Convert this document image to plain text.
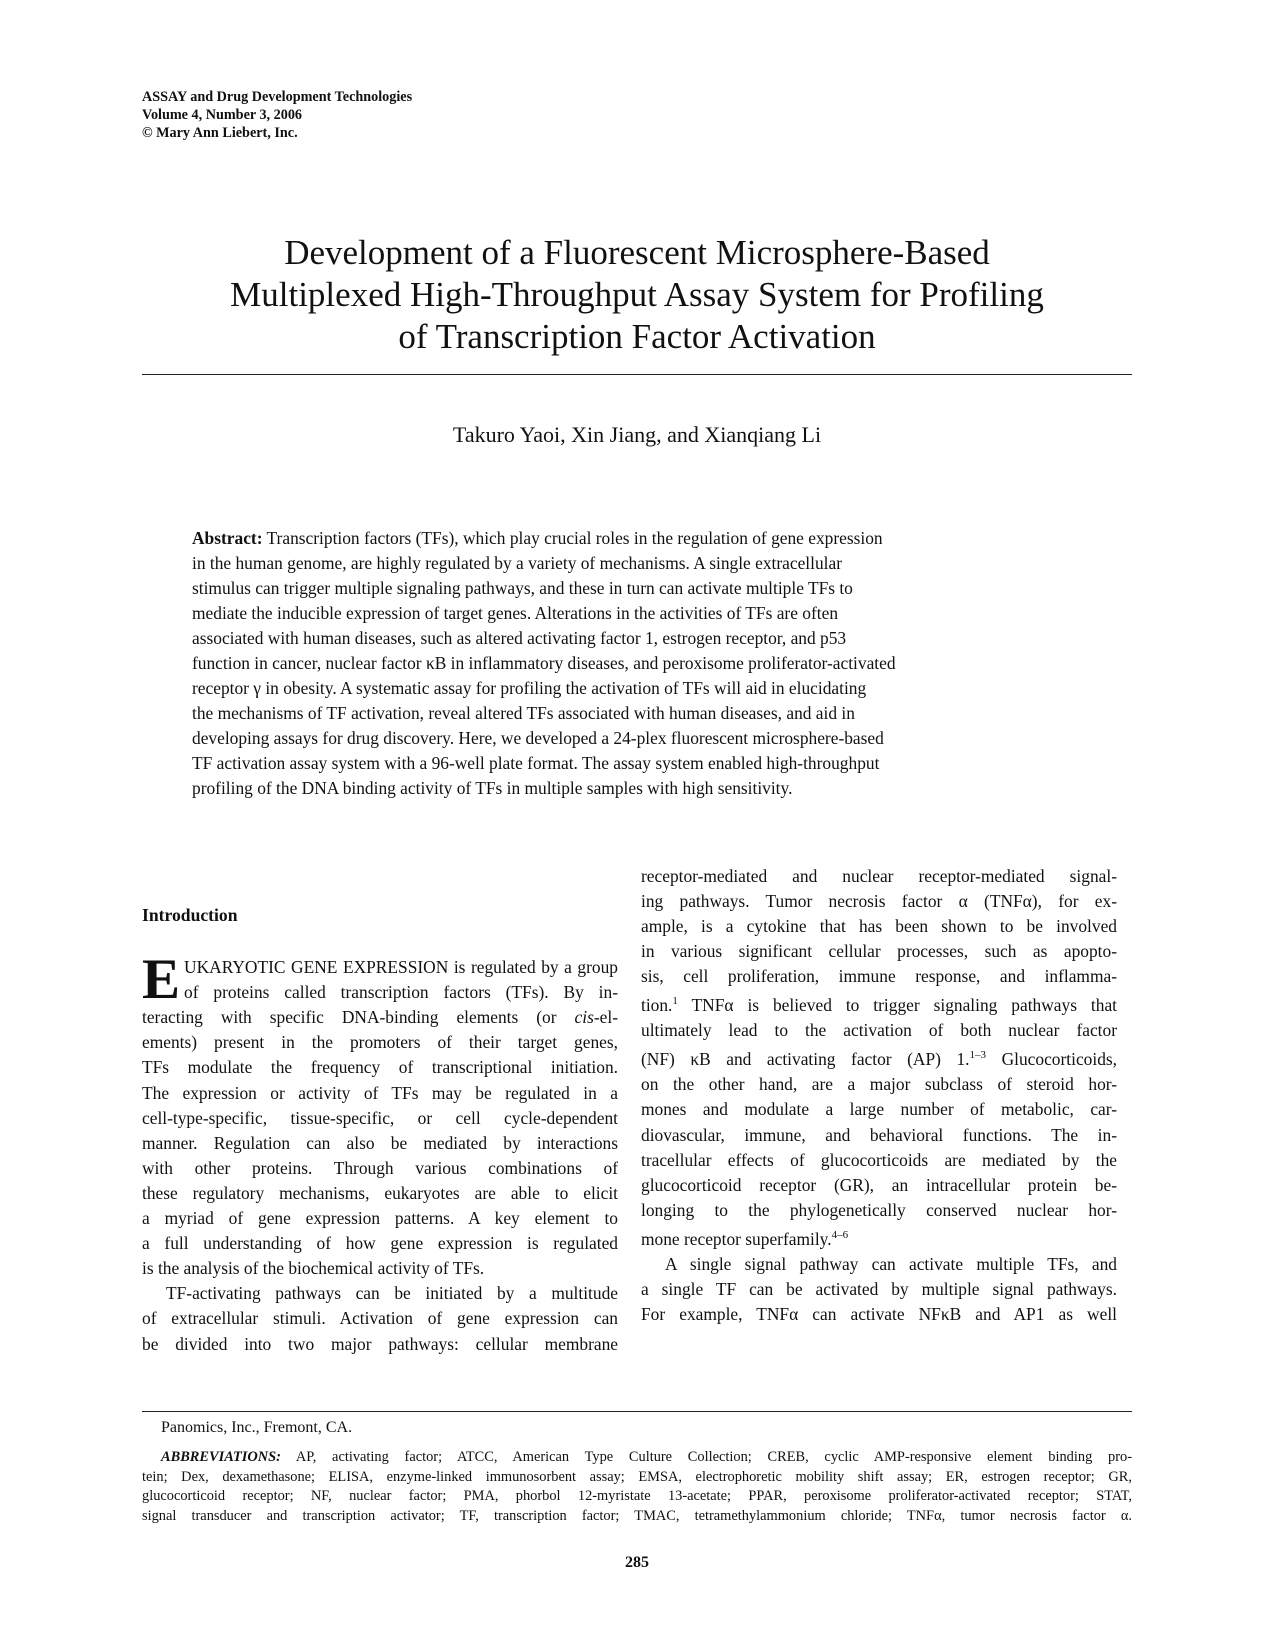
ASSAY and Drug Development Technologies
Volume 4, Number 3, 2006
© Mary Ann Liebert, Inc.
Development of a Fluorescent Microsphere-Based
Multiplexed High-Throughput Assay System for Profiling
of Transcription Factor Activation
Takuro Yaoi, Xin Jiang, and Xianqiang Li
Abstract: Transcription factors (TFs), which play crucial roles in the regulation of gene expression
in the human genome, are highly regulated by a variety of mechanisms. A single extracellular
stimulus can trigger multiple signaling pathways, and these in turn can activate multiple TFs to
mediate the inducible expression of target genes. Alterations in the activities of TFs are often
associated with human diseases, such as altered activating factor 1, estrogen receptor, and p53
function in cancer, nuclear factor κB in inflammatory diseases, and peroxisome proliferator-activated
receptor γ in obesity. A systematic assay for profiling the activation of TFs will aid in elucidating
the mechanisms of TF activation, reveal altered TFs associated with human diseases, and aid in
developing assays for drug discovery. Here, we developed a 24-plex fluorescent microsphere-based
TF activation assay system with a 96-well plate format. The assay system enabled high-throughput
profiling of the DNA binding activity of TFs in multiple samples with high sensitivity.
Introduction
E UKARYOTIC GENE EXPRESSION is regulated by a group
of proteins called transcription factors (TFs). By in-
teracting with specific DNA-binding elements (or cis-el-
ements) present in the promoters of their target genes,
TFs modulate the frequency of transcriptional initiation.
The expression or activity of TFs may be regulated in a
cell-type-specific, tissue-specific, or cell cycle-dependent
manner. Regulation can also be mediated by interactions
with other proteins. Through various combinations of
these regulatory mechanisms, eukaryotes are able to elicit
a myriad of gene expression patterns. A key element to
a full understanding of how gene expression is regulated
is the analysis of the biochemical activity of TFs.
TF-activating pathways can be initiated by a multitude
of extracellular stimuli. Activation of gene expression can
be divided into two major pathways: cellular membrane
receptor-mediated and nuclear receptor-mediated signal-
ing pathways. Tumor necrosis factor α (TNFα), for ex-
ample, is a cytokine that has been shown to be involved
in various significant cellular processes, such as apopto-
sis, cell proliferation, immune response, and inflamma-
tion.$^1$ TNFα is believed to trigger signaling pathways that
ultimately lead to the activation of both nuclear factor
(NF) κB and activating factor (AP) 1.$^{1-3}$ Glucocorticoids,
on the other hand, are a major subclass of steroid hor-
mones and modulate a large number of metabolic, car-
diovascular, immune, and behavioral functions. The in-
tracellular effects of glucocorticoids are mediated by the
glucocorticoid receptor (GR), an intracellular protein be-
longing to the phylogenetically conserved nuclear hor-
mone receptor superfamily.$^{4-6}$
A single signal pathway can activate multiple TFs, and
a single TF can be activated by multiple signal pathways.
For example, TNFα can activate NFκB and AP1 as well
Panomics, Inc., Fremont, CA.
ABBREVIATIONS: AP, activating factor; ATCC, American Type Culture Collection; CREB, cyclic AMP-responsive element binding pro-
tein; Dex, dexamethasone; ELISA, enzyme-linked immunosorbent assay; EMSA, electrophoretic mobility shift assay; ER, estrogen receptor; GR,
glucocorticoid receptor; NF, nuclear factor; PMA, phorbol 12-myristate 13-acetate; PPAR, peroxisome proliferator-activated receptor; STAT,
signal transducer and transcription activator; TF, transcription factor; TMAC, tetramethylammonium chloride; TNFα, tumor necrosis factor α.
285
